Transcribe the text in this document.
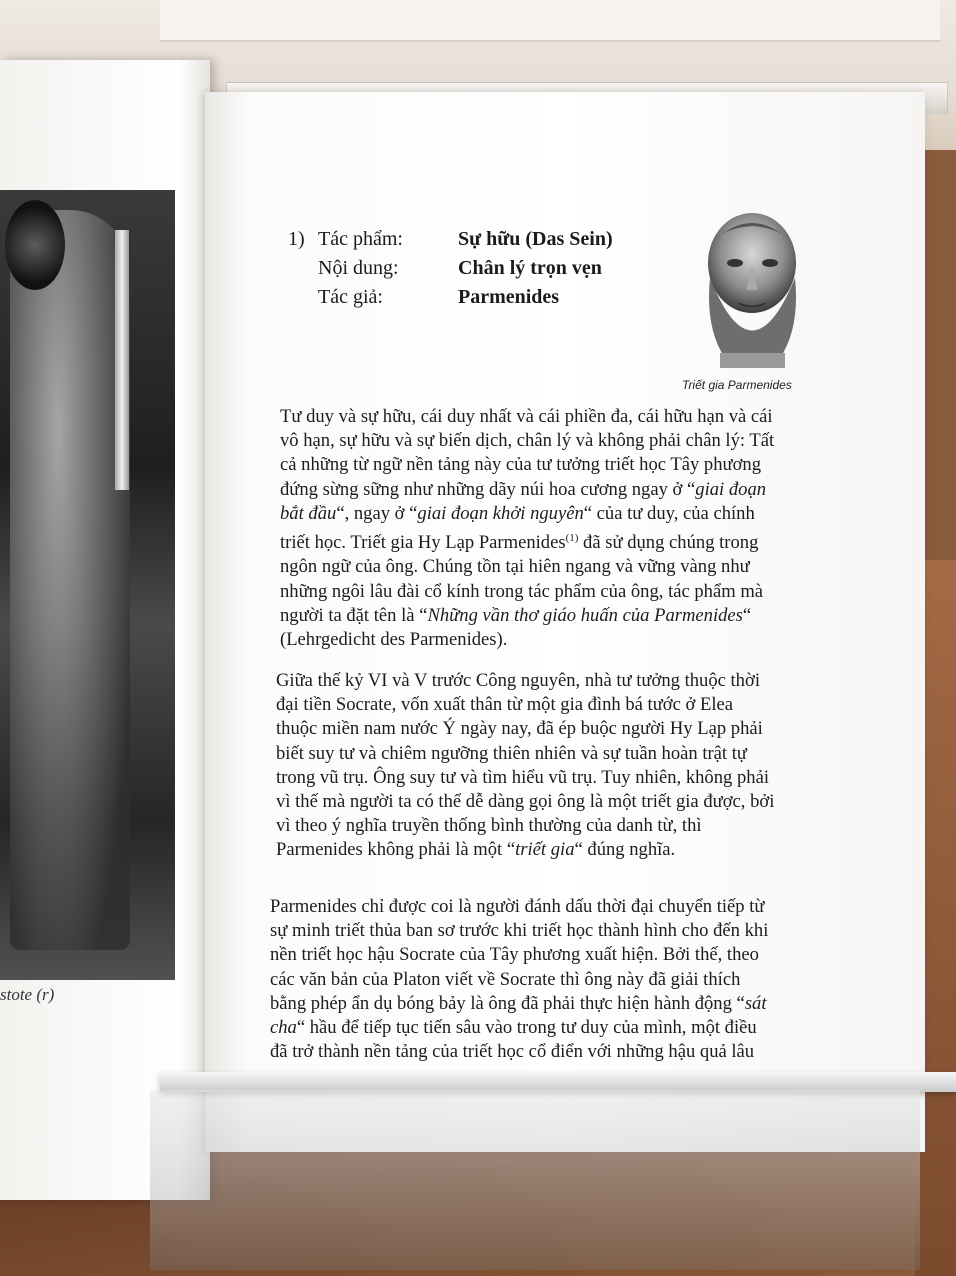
stote (r)
1) Tác phẩm:	Sự hữu (Das Sein)
Nội dung:	Chân lý trọn vẹn
Tác giả:	Parmenides
Triết gia Parmenides
Tư duy và sự hữu, cái duy nhất và cái phiền đa, cái hữu hạn và cái
vô hạn, sự hữu và sự biến dịch, chân lý và không phải chân lý: Tất
cả những từ ngữ nền tảng này của tư tưởng triết học Tây phương
đứng sừng sững như những dãy núi hoa cương ngay ở “giai đoạn
bắt đầu“, ngay ở “giai đoạn khởi nguyên“ của tư duy, của chính
triết học. Triết gia Hy Lạp Parmenides$^{(1)}$ đã sử dụng chúng trong
ngôn ngữ của ông. Chúng tồn tại hiên ngang và vững vàng như
những ngôi lâu đài cổ kính trong tác phẩm của ông, tác phẩm mà
người ta đặt tên là “Những vần thơ giáo huấn của Parmenides“
(Lehrgedicht des Parmenides).
Giữa thế kỷ VI và V trước Công nguyên, nhà tư tưởng thuộc thời
đại tiền Socrate, vốn xuất thân từ một gia đình bá tước ở Elea
thuộc miền nam nước Ý ngày nay, đã ép buộc người Hy Lạp phải
biết suy tư và chiêm ngưỡng thiên nhiên và sự tuần hoàn trật tự
trong vũ trụ. Ông suy tư và tìm hiểu vũ trụ. Tuy nhiên, không phải
vì thế mà người ta có thể dễ dàng gọi ông là một triết gia được, bởi
vì theo ý nghĩa truyền thống bình thường của danh từ, thì
Parmenides không phải là một “triết gia“ đúng nghĩa.
Parmenides chỉ được coi là người đánh dấu thời đại chuyển tiếp từ
sự minh triết thủa ban sơ trước khi triết học thành hình cho đến khi
nền triết học hậu Socrate của Tây phương xuất hiện. Bởi thế, theo
các văn bản của Platon viết về Socrate thì ông này đã giải thích
bằng phép ẩn dụ bóng bảy là ông đã phải thực hiện hành động “sát
cha“ hầu để tiếp tục tiến sâu vào trong tư duy của mình, một điều
đã trở thành nền tảng của triết học cổ điển với những hậu quả lâu
